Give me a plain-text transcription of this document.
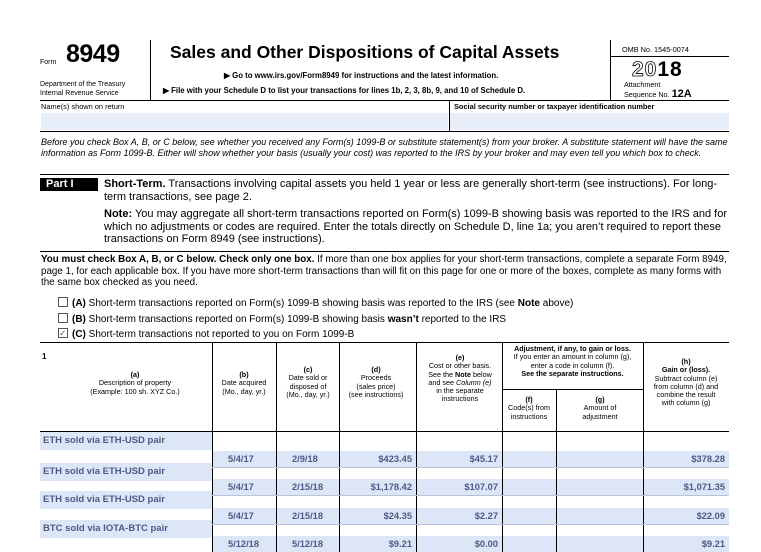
Form 8949
Department of the Treasury
Internal Revenue Service
Sales and Other Dispositions of Capital Assets
▶ Go to www.irs.gov/Form8949 for instructions and the latest information.
▶ File with your Schedule D to list your transactions for lines 1b, 2, 3, 8b, 9, and 10 of Schedule D.
OMB No. 1545-0074
2018
Attachment
Sequence No. 12A
Name(s) shown on return	Social security number or taxpayer identification number
Before you check Box A, B, or C below, see whether you received any Form(s) 1099-B or substitute statement(s) from your broker. A substitute statement will have the same information as Form 1099-B. Either will show whether your basis (usually your cost) was reported to the IRS by your broker and may even tell you which box to check.
Part I	Short-Term. Transactions involving capital assets you held 1 year or less are generally short-term (see instructions). For long-term transactions, see page 2.
Note: You may aggregate all short-term transactions reported on Form(s) 1099-B showing basis was reported to the IRS and for which no adjustments or codes are required. Enter the totals directly on Schedule D, line 1a; you aren’t required to report these transactions on Form 8949 (see instructions).
You must check Box A, B, or C below. Check only one box. If more than one box applies for your short-term transactions, complete a separate Form 8949, page 1, for each applicable box. If you have more short-term transactions than will fit on this page for one or more of the boxes, complete as many forms with the same box checked as you need.
(A) Short-term transactions reported on Form(s) 1099-B showing basis was reported to the IRS (see Note above)
(B) Short-term transactions reported on Form(s) 1099-B showing basis wasn’t reported to the IRS
✓(C) Short-term transactions not reported to you on Form 1099-B
1
(a)
Description of property
(Example: 100 sh. XYZ Co.)
(b)
Date acquired
(Mo., day, yr.)
(c)
Date sold or
disposed of
(Mo., day, yr.)
(d)
Proceeds
(sales price)
(see instructions)
(e)
Cost or other basis.
See the Note below
and see Column (e)
in the separate
instructions
Adjustment, if any, to gain or loss.
If you enter an amount in column (g),
enter a code in column (f).
See the separate instructions.
(f)
Code(s) from
instructions
(g)
Amount of
adjustment
(h)
Gain or (loss).
Subtract column (e)
from column (d) and
combine the result
with column (g)
ETH sold via ETH-USD pair
5/4/17	2/9/18	$423.45	$45.17	$378.28
ETH sold via ETH-USD pair
5/4/17	2/15/18	$1,178.42	$107.07	$1,071.35
ETH sold via ETH-USD pair
5/4/17	2/15/18	$24.35	$2.27	$22.09
BTC sold via IOTA-BTC pair
5/12/18	5/12/18	$9.21	$0.00	$9.21
